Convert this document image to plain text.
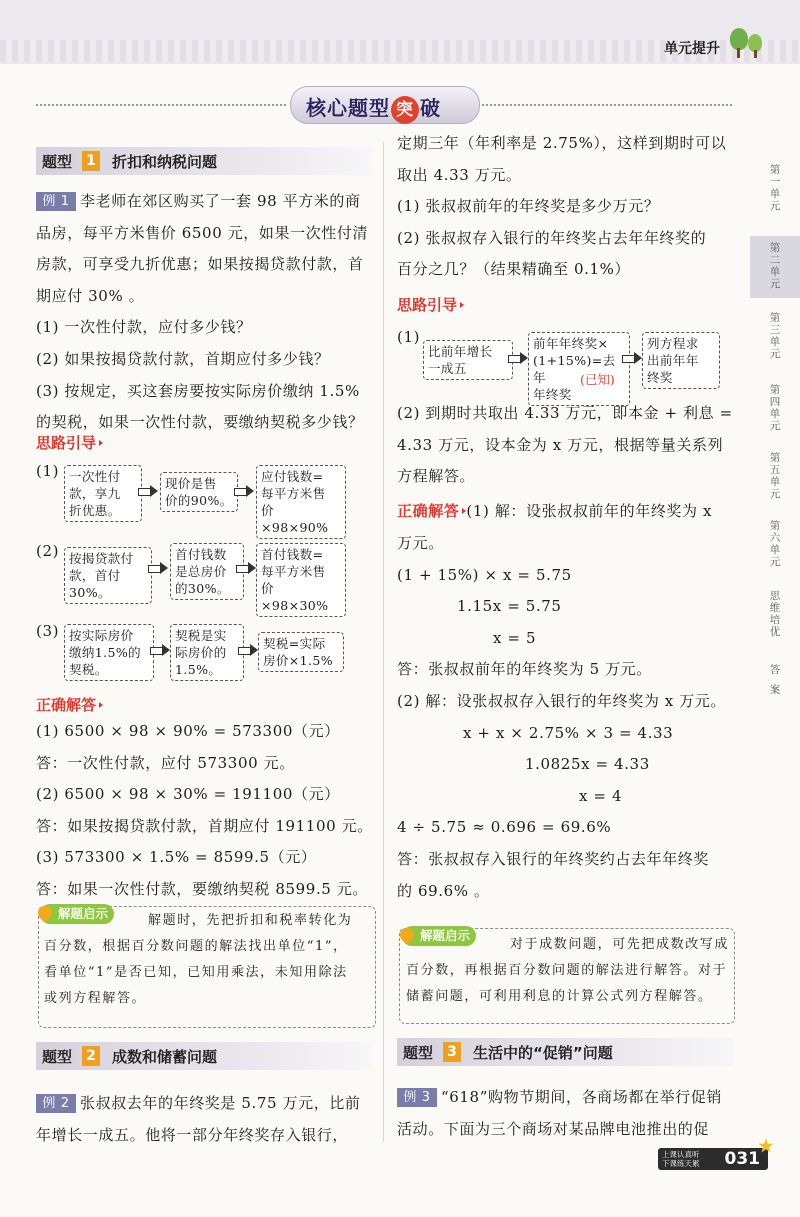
单元提升
核心题型 突 破
题型 1 折扣和纳税问题
例 1 李老师在郊区购买了一套 98 平方米的商
品房，每平方米售价 6500 元，如果一次性付清
房款，可享受九折优惠；如果按揭贷款付款，首
期应付 30% 。
(1) 一次性付款，应付多少钱？
(2) 如果按揭贷款付款，首期应付多少钱？
(3) 按规定，买这套房要按实际房价缴纳 1.5%
的契税，如果一次性付款，要缴纳契税多少钱？
思路引导
(1) 一次性付
款，享九
折优惠。
现价是售
价的90%。
应付钱数=
每平方米售
价×98×90%
(2) 按揭贷款付
款，首付30%。
首付钱数
是总房价
的30%。
首付钱数=
每平方米售
价×98×30%
(3) 按实际房价
缴纳1.5%的
契税。
契税是实
际房价的
1.5%。
契税=实际
房价×1.5%
正确解答
(1) 6500 × 98 × 90% = 573300（元）
答：一次性付款，应付 573300 元。
(2) 6500 × 98 × 30% = 191100（元）
答：如果按揭贷款付款，首期应付 191100 元。
(3) 573300 × 1.5% = 8599.5（元）
答：如果一次性付款，要缴纳契税 8599.5 元。
解题启示	解题时，先把折扣和税率转化为
百分数，根据百分数问题的解法找出单位“1”，
看单位“1”是否已知，已知用乘法，未知用除法
或列方程解答。
题型 2 成数和储蓄问题
例 2 张叔叔去年的年终奖是 5.75 万元，比前
年增长一成五。他将一部分年终奖存入银行，
定期三年（年利率是 2.75%），这样到期时可以
取出 4.33 万元。
(1) 张叔叔前年的年终奖是多少万元？
(2) 张叔叔存入银行的年终奖占去年年终奖的
百分之几？（结果精确至 0.1%）
思路引导
(1)
比前年增长
一成五
前年年终奖×
(1+15%)=去年
年终奖
(已知)
列方程求
出前年年
终奖
(2) 到期时共取出 4.33 万元，即本金 + 利息 =
4.33 万元，设本金为 x 万元，根据等量关系列
方程解答。
正确解答 (1) 解：设张叔叔前年的年终奖为 x
万元。
(1 + 15%) × x = 5.75
1.15x = 5.75
x = 5
答：张叔叔前年的年终奖为 5 万元。
(2) 解：设张叔叔存入银行的年终奖为 x 万元。
x + x × 2.75% × 3 = 4.33
1.0825x = 4.33
x = 4
4 ÷ 5.75 ≈ 0.696 = 69.6%
答：张叔叔存入银行的年终奖约占去年年终奖
的 69.6% 。
解题启示
对于成数问题，可先把成数改写成
百分数，再根据百分数问题的解法进行解答。对于
储蓄问题，可利用利息的计算公式列方程解答。
题型 3 生活中的“促销”问题
例 3 “618”购物节期间，各商场都在举行促销
活动。下面为三个商场对某品牌电池推出的促
第
一
单
元
第
二
单
元
第
三
单
元
第
四
单
元
第
五
单
元
第
六
单
元
思
维
培
优
答
案
上课认真听
下课练天累 031
